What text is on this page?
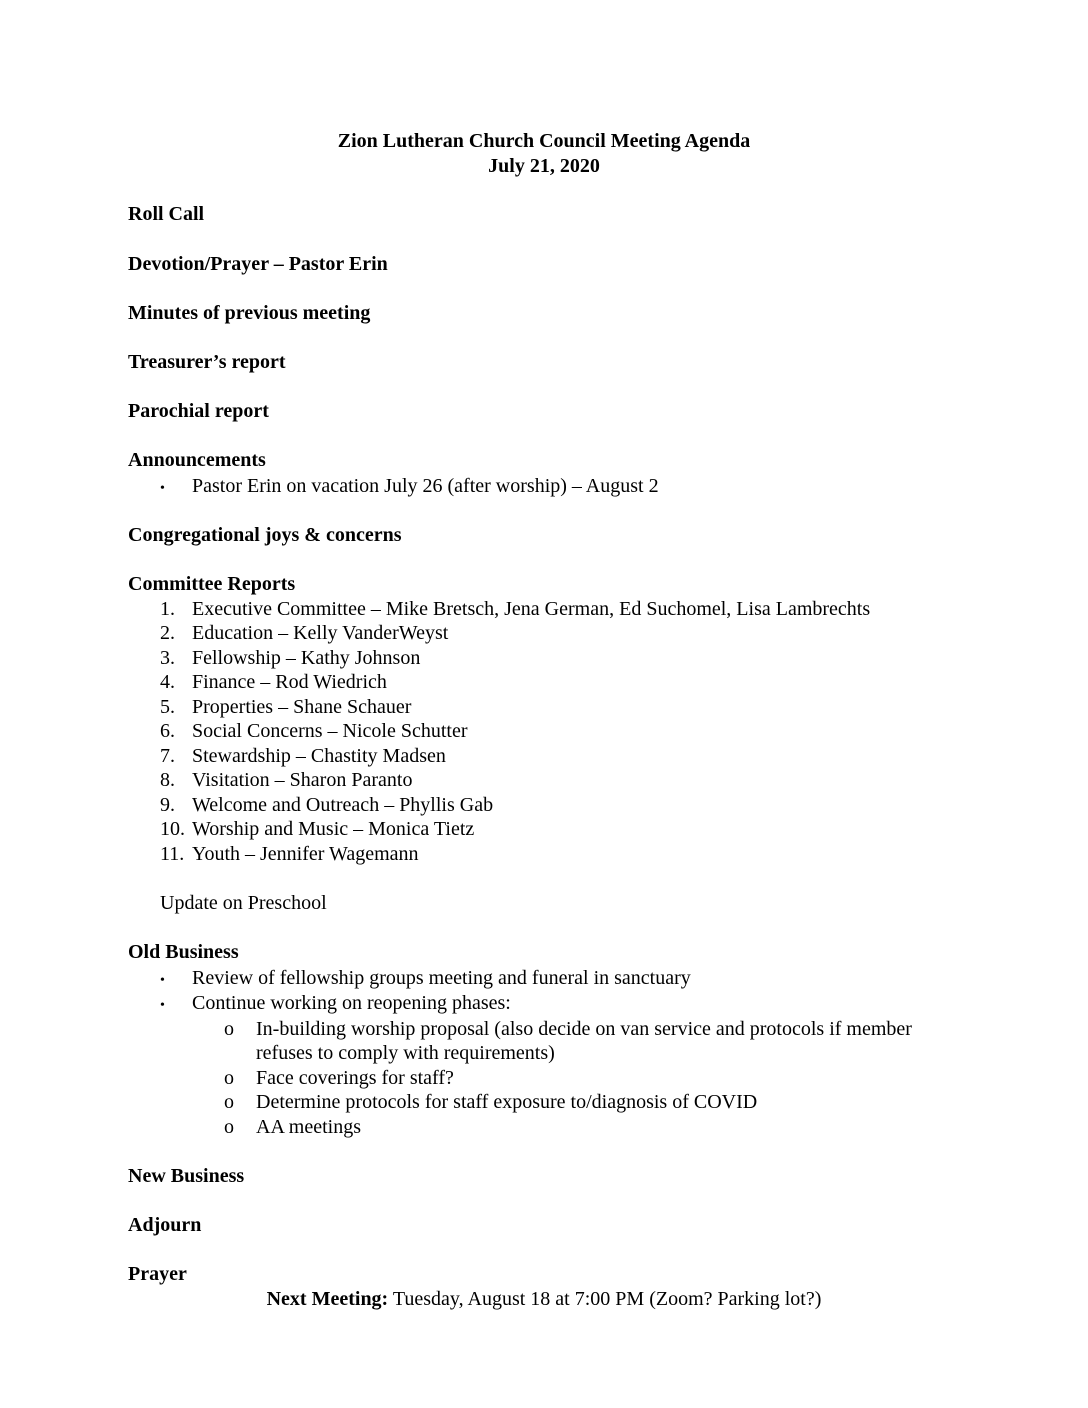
Zion Lutheran Church Council Meeting Agenda
July 21, 2020
Roll Call
Devotion/Prayer – Pastor Erin
Minutes of previous meeting
Treasurer’s report
Parochial report
Announcements
• Pastor Erin on vacation July 26 (after worship) – August 2
Congregational joys & concerns
Committee Reports
1. Executive Committee – Mike Bretsch, Jena German, Ed Suchomel, Lisa Lambrechts
2. Education – Kelly VanderWeyst
3. Fellowship – Kathy Johnson
4. Finance – Rod Wiedrich
5. Properties – Shane Schauer
6. Social Concerns – Nicole Schutter
7. Stewardship – Chastity Madsen
8. Visitation – Sharon Paranto
9. Welcome and Outreach – Phyllis Gab
10. Worship and Music – Monica Tietz
11. Youth – Jennifer Wagemann
Update on Preschool
Old Business
• Review of fellowship groups meeting and funeral in sanctuary
• Continue working on reopening phases:
o In-building worship proposal (also decide on van service and protocols if member
refuses to comply with requirements)
o Face coverings for staff?
o Determine protocols for staff exposure to/diagnosis of COVID
o AA meetings
New Business
Adjourn
Prayer
Next Meeting: Tuesday, August 18 at 7:00 PM (Zoom? Parking lot?)
